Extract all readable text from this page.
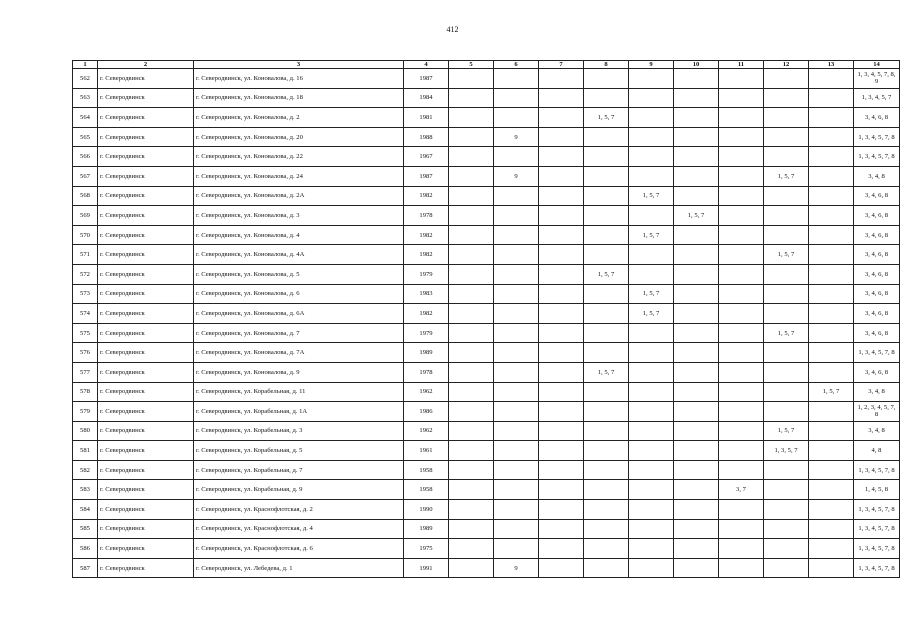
412
1	2	3	4	5	6	7	8	9	10	11	12	13	14
562	г. Северодвинск	г. Северодвинск, ул. Коновалова, д. 16	1987										1, 3, 4, 5, 7, 8, 9
563	г. Северодвинск	г. Северодвинск, ул. Коновалова, д. 18	1984										1, 3, 4, 5, 7
564	г. Северодвинск	г. Северодвинск, ул. Коновалова, д. 2	1981				1, 5, 7						3, 4, 6, 8
565	г. Северодвинск	г. Северодвинск, ул. Коновалова, д. 20	1988		9								1, 3, 4, 5, 7, 8
566	г. Северодвинск	г. Северодвинск, ул. Коновалова, д. 22	1967										1, 3, 4, 5, 7, 8
567	г. Северодвинск	г. Северодвинск, ул. Коновалова, д. 24	1987		9						1, 5, 7		3, 4, 8
568	г. Северодвинск	г. Северодвинск, ул. Коновалова, д. 2А	1982					1, 5, 7					3, 4, 6, 8
569	г. Северодвинск	г. Северодвинск, ул. Коновалова, д. 3	1978						1, 5, 7				3, 4, 6, 8
570	г. Северодвинск	г. Северодвинск, ул. Коновалова, д. 4	1982					1, 5, 7					3, 4, 6, 8
571	г. Северодвинск	г. Северодвинск, ул. Коновалова, д. 4А	1982								1, 5, 7		3, 4, 6, 8
572	г. Северодвинск	г. Северодвинск, ул. Коновалова, д. 5	1979				1, 5, 7						3, 4, 6, 8
573	г. Северодвинск	г. Северодвинск, ул. Коновалова, д. 6	1983					1, 5, 7					3, 4, 6, 8
574	г. Северодвинск	г. Северодвинск, ул. Коновалова, д. 6А	1982					1, 5, 7					3, 4, 6, 8
575	г. Северодвинск	г. Северодвинск, ул. Коновалова, д. 7	1979								1, 5, 7		3, 4, 6, 8
576	г. Северодвинск	г. Северодвинск, ул. Коновалова, д. 7А	1989										1, 3, 4, 5, 7, 8
577	г. Северодвинск	г. Северодвинск, ул. Коновалова, д. 9	1978				1, 5, 7						3, 4, 6, 8
578	г. Северодвинск	г. Северодвинск, ул. Корабельная, д. 11	1962									1, 5, 7	3, 4, 8
579	г. Северодвинск	г. Северодвинск, ул. Корабельная, д. 1А	1986										1, 2, 3, 4, 5, 7, 8
580	г. Северодвинск	г. Северодвинск, ул. Корабельная, д. 3	1962								1, 5, 7		3, 4, 8
581	г. Северодвинск	г. Северодвинск, ул. Корабельная, д. 5	1961								1, 3, 5, 7		4, 8
582	г. Северодвинск	г. Северодвинск, ул. Корабельная, д. 7	1958										1, 3, 4, 5, 7, 8
583	г. Северодвинск	г. Северодвинск, ул. Корабельная, д. 9	1958							3, 7			1, 4, 5, 8
584	г. Северодвинск	г. Северодвинск, ул. Краснофлотская, д. 2	1990										1, 3, 4, 5, 7, 8
585	г. Северодвинск	г. Северодвинск, ул. Краснофлотская, д. 4	1989										1, 3, 4, 5, 7, 8
586	г. Северодвинск	г. Северодвинск, ул. Краснофлотская, д. 6	1975										1, 3, 4, 5, 7, 8
587	г. Северодвинск	г. Северодвинск, ул. Лебедева, д. 1	1991		9								1, 3, 4, 5, 7, 8
